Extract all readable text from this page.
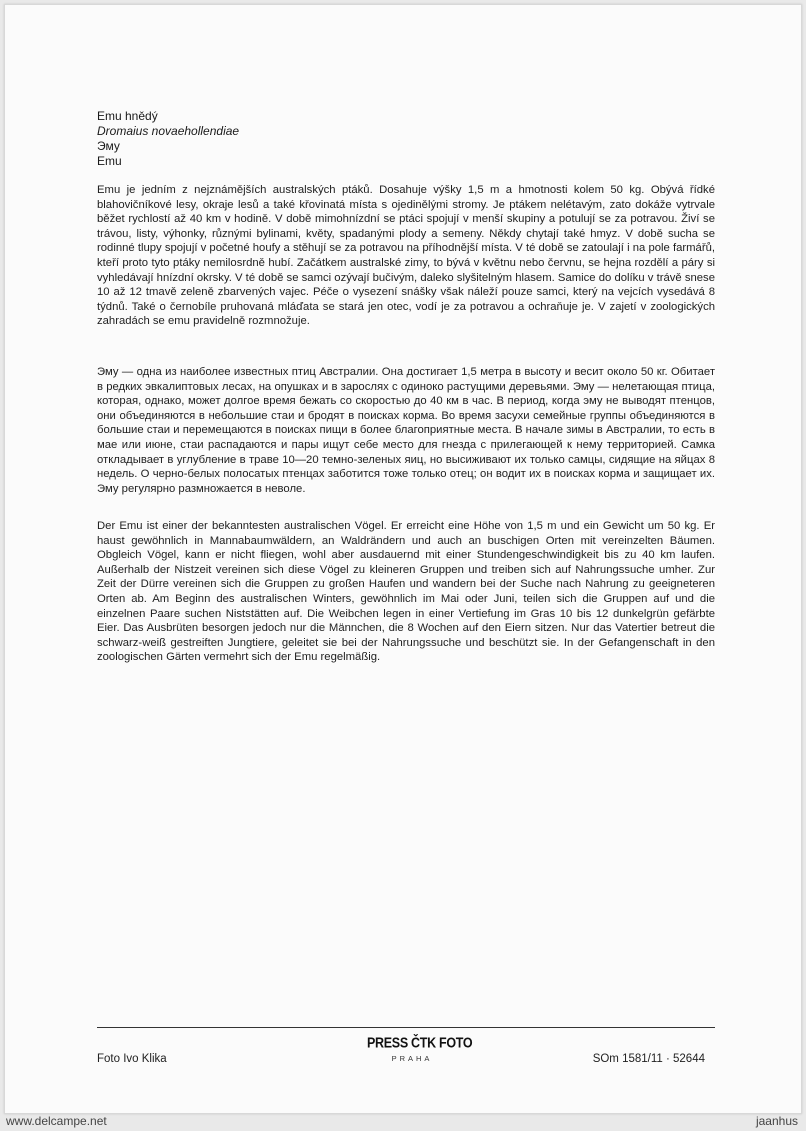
Emu hnědý
Dromaius novaehollendiae
Эму
Emu

Emu je jedním z nejznámějších australských ptáků. Dosahuje výšky 1,5 m a hmotnosti kolem 50 kg. Obývá řídké blahovičníkové lesy, okraje lesů a také křovinatá místa s ojedinělými stromy. Je ptákem nelétavým, zato dokáže vytrvale běžet rychlostí až 40 km v hodině. V době mimohnízdní se ptáci spojují v menší skupiny a potulují se za potravou. Živí se trávou, listy, výhonky, různými bylinami, květy, spadanými plody a semeny. Někdy chytají také hmyz. V době sucha se rodinné tlupy spojují v početné houfy a stěhují se za potravou na příhodnější místa. V té době se zatoulají i na pole farmářů, kteří proto tyto ptáky nemilosrdně hubí. Začátkem australské zimy, to bývá v květnu nebo červnu, se hejna rozdělí a páry si vyhledávají hnízdní okrsky. V té době se samci ozývají bučivým, daleko slyšitelným hlasem. Samice do dolíku v trávě snese 10 až 12 tmavě zeleně zbarvených vajec. Péče o vysezení snášky však náleží pouze samci, který na vejcích vysedává 8 týdnů. Také o černobíle pruhovaná mláďata se stará jen otec, vodí je za potravou a ochraňuje je. V zajetí v zoologických zahradách se emu pravidelně rozmnožuje.

Эму — одна из наиболее известных птиц Австралии. Она достигает 1,5 метра в высоту и весит около 50 кг. Обитает в редких эвкалиптовых лесах, на опушках и в зарослях с одиноко растущими деревьями. Эму — нелетающая птица, которая, однако, может долгое время бежать со скоростью до 40 км в час. В период, когда эму не выводят птенцов, они объединяются в небольшие стаи и бродят в поисках корма. Во время засухи семейные группы объединяются в большие стаи и перемещаются в поисках пищи в более благоприятные места. В начале зимы в Австралии, то есть в мае или июне, стаи распадаются и пары ищут себе место для гнезда с прилегающей к нему территорией. Самка откладывает в углубление в траве 10—20 темно-зеленых яиц, но высиживают их только самцы, сидящие на яйцах 8 недель. О черно-белых полосатых птенцах заботится тоже только отец; он водит их в поисках корма и защищает их. Эму регулярно размножается в неволе.

Der Emu ist einer der bekanntesten australischen Vögel. Er erreicht eine Höhe von 1,5 m und ein Gewicht um 50 kg. Er haust gewöhnlich in Mannabaumwäldern, an Waldrändern und auch an buschigen Orten mit vereinzelten Bäumen. Obgleich Vögel, kann er nicht fliegen, wohl aber ausdauernd mit einer Stundengeschwindigkeit bis zu 40 km laufen. Außerhalb der Nistzeit vereinen sich diese Vögel zu kleineren Gruppen und treiben sich auf Nahrungssuche umher. Zur Zeit der Dürre vereinen sich die Gruppen zu großen Haufen und wandern bei der Suche nach Nahrung zu geeigneteren Orten ab. Am Beginn des australischen Winters, gewöhnlich im Mai oder Juni, teilen sich die Gruppen auf und die einzelnen Paare suchen Niststätten auf. Die Weibchen legen in einer Vertiefung im Gras 10 bis 12 dunkelgrün gefärbte Eier. Das Ausbrüten besorgen jedoch nur die Männchen, die 8 Wochen auf den Eiern sitzen. Nur das Vatertier betreut die schwarz-weiß gestreiften Jungtiere, geleitet sie bei der Nahrungssuche und beschützt sie. In der Gefangenschaft in den zoologischen Gärten vermehrt sich der Emu regelmäßig.

Foto Ivo Klika
PRESS ČTK FOTO
PRAHA	SOm 1581/11 · 52644
www.delcampe.net	jaanhus
